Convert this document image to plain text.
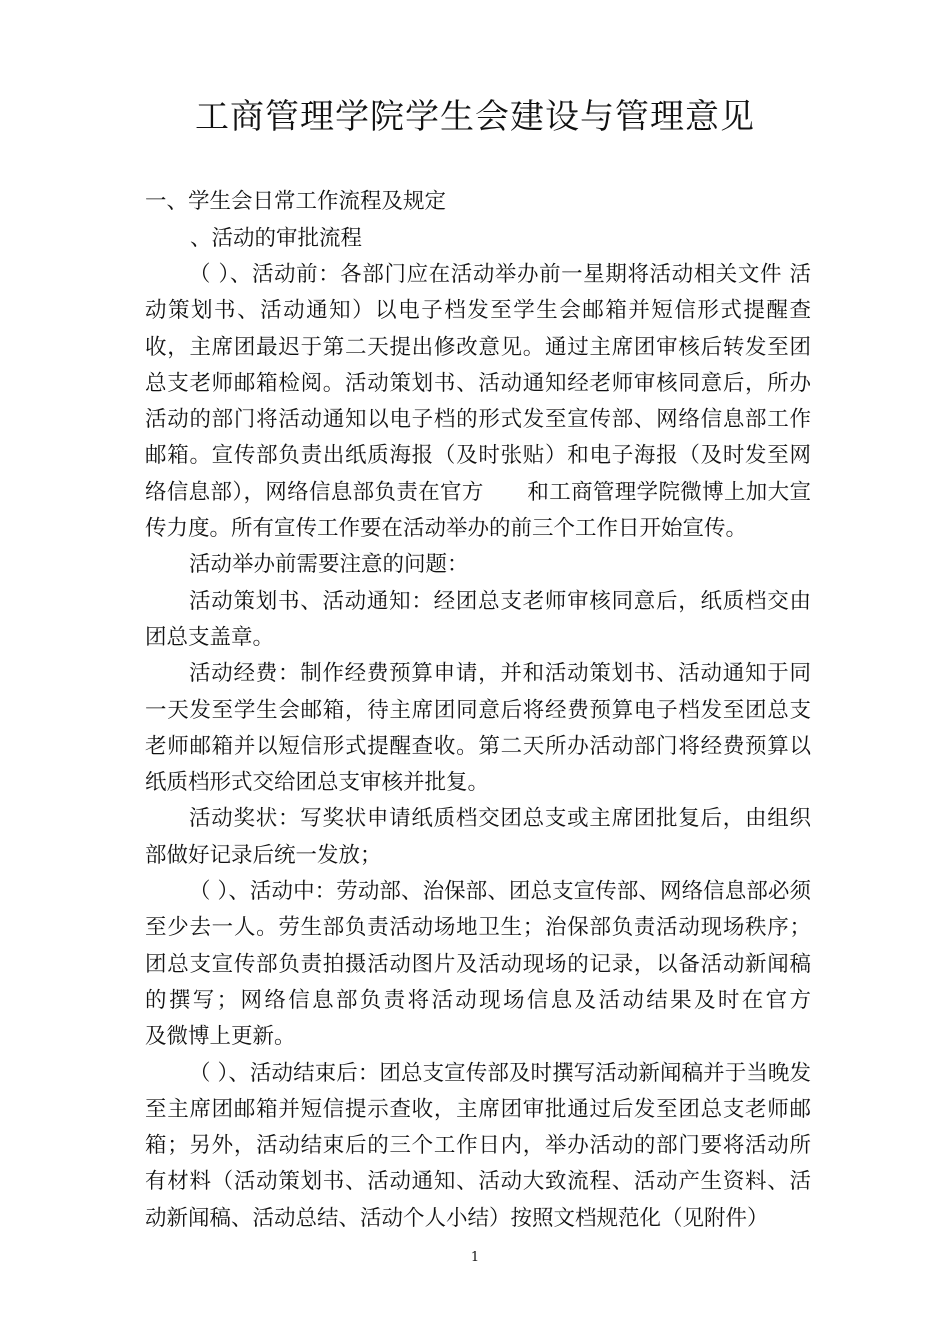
工商管理学院学生会建设与管理意见
一、学生会日常工作流程及规定
、活动的审批流程

（ ）、活动前：各部门应在活动举办前一星期将活动相关文件 活动策划书、活动通知）以电子档发至学生会邮箱并短信形式提醒查收，主席团最迟于第二天提出修改意见。通过主席团审核后转发至团总支老师邮箱检阅。活动策划书、活动通知经老师审核同意后，所办活动的部门将活动通知以电子档的形式发至宣传部、网络信息部工作邮箱。宣传部负责出纸质海报（及时张贴）和电子海报（及时发至网络信息部），网络信息部负责在官方　　和工商管理学院微博上加大宣传力度。所有宣传工作要在活动举办的前三个工作日开始宣传。

活动举办前需要注意的问题：

活动策划书、活动通知：经团总支老师审核同意后，纸质档交由团总支盖章。

活动经费：制作经费预算申请，并和活动策划书、活动通知于同一天发至学生会邮箱，待主席团同意后将经费预算电子档发至团总支老师邮箱并以短信形式提醒查收。第二天所办活动部门将经费预算以纸质档形式交给团总支审核并批复。

活动奖状：写奖状申请纸质档交团总支或主席团批复后，由组织部做好记录后统一发放；

（ ）、活动中：劳动部、治保部、团总支宣传部、网络信息部必须至少去一人。劳生部负责活动场地卫生；治保部负责活动现场秩序；团总支宣传部负责拍摄活动图片及活动现场的记录，以备活动新闻稿的撰写；网络信息部负责将活动现场信息及活动结果及时在官方　　　及微博上更新。

（ ）、活动结束后：团总支宣传部及时撰写活动新闻稿并于当晚发至主席团邮箱并短信提示查收，主席团审批通过后发至团总支老师邮箱；另外，活动结束后的三个工作日内，举办活动的部门要将活动所有材料（活动策划书、活动通知、活动大致流程、活动产生资料、活动新闻稿、活动总结、活动个人小结）按照文档规范化（见附件）

1
